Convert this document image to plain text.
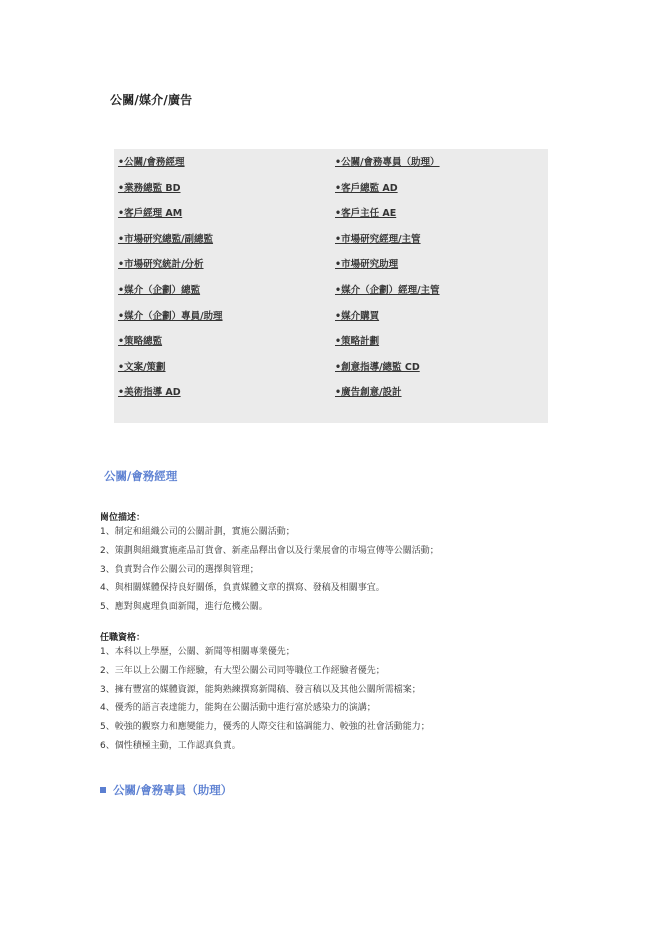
公關/媒介/廣告
•公關/會務經理	•公關/會務專員（助理）
•業務總監 BD	•客戶總監 AD
•客戶經理 AM	•客戶主任 AE
•市場研究總監/副總監	•市場研究經理/主管
•市場研究統計/分析	•市場研究助理
•媒介（企劃）總監	•媒介（企劃）經理/主管
•媒介（企劃）專員/助理	•媒介購買
•策略總監	•策略計劃
•文案/策劃	•創意指導/總監 CD
•美術指導 AD	•廣告創意/設計
公關/會務經理
崗位描述：
1、制定和組織公司的公關計劃，實施公關活動；
2、策劃與組織實施產品訂貨會、新產品釋出會以及行業展會的市場宣傳等公關活動；
3、負責對合作公關公司的選擇與管理；
4、與相關媒體保持良好關係，負責媒體文章的撰寫、發稿及相關事宜。
5、應對與處理負面新聞，進行危機公關。
任職資格：
1、本科以上學歷，公關、新聞等相關專業優先；
2、三年以上公關工作經驗，有大型公關公司同等職位工作經驗者優先；
3、擁有豐富的媒體資源，能夠熟練撰寫新聞稿、發言稿以及其他公關所需檔案；
4、優秀的語言表達能力，能夠在公關活動中進行富於感染力的演講；
5、較強的觀察力和應變能力，優秀的人際交往和協調能力、較強的社會活動能力；
6、個性積極主動，工作認真負責。
公關/會務專員（助理）
